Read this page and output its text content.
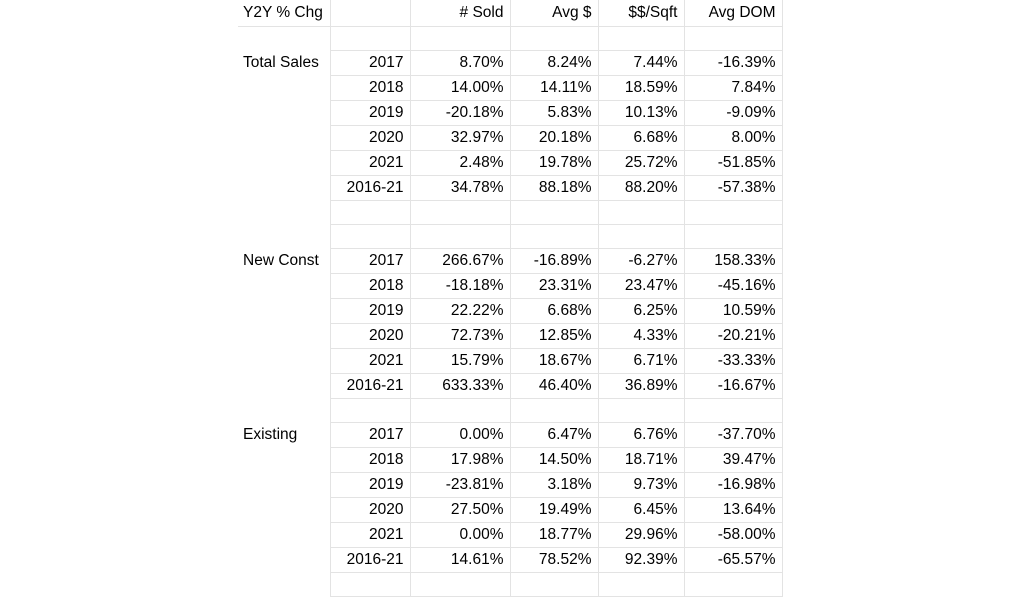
Y2Y % Chg		# Sold	Avg $	$$/Sqft	Avg DOM

Total Sales	2017	8.70%	8.24%	7.44%	-16.39%
	2018	14.00%	14.11%	18.59%	7.84%
	2019	-20.18%	5.83%	10.13%	-9.09%
	2020	32.97%	20.18%	6.68%	8.00%
	2021	2.48%	19.78%	25.72%	-51.85%
	2016-21	34.78%	88.18%	88.20%	-57.38%

New Const	2017	266.67%	-16.89%	-6.27%	158.33%
	2018	-18.18%	23.31%	23.47%	-45.16%
	2019	22.22%	6.68%	6.25%	10.59%
	2020	72.73%	12.85%	4.33%	-20.21%
	2021	15.79%	18.67%	6.71%	-33.33%
	2016-21	633.33%	46.40%	36.89%	-16.67%

Existing	2017	0.00%	6.47%	6.76%	-37.70%
	2018	17.98%	14.50%	18.71%	39.47%
	2019	-23.81%	3.18%	9.73%	-16.98%
	2020	27.50%	19.49%	6.45%	13.64%
	2021	0.00%	18.77%	29.96%	-58.00%
	2016-21	14.61%	78.52%	92.39%	-65.57%
